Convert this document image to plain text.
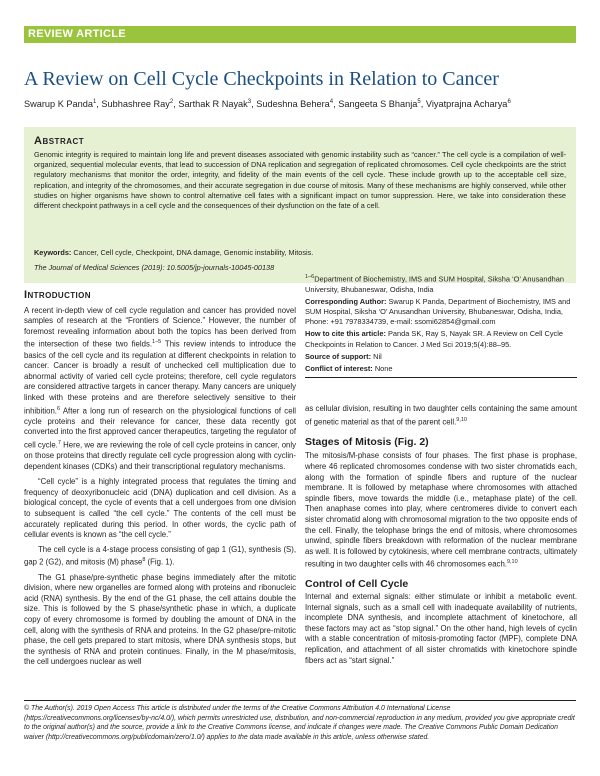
REVIEW ARTICLE
A Review on Cell Cycle Checkpoints in Relation to Cancer
Swarup K Panda$^1$, Subhashree Ray$^2$, Sarthak R Nayak$^3$, Sudeshna Behera$^4$, Sangeeta S Bhanja$^5$, Viyatprajna Acharya$^6$
Abstract
Genomic integrity is required to maintain long life and prevent diseases associated with genomic instability such as “cancer.” The cell cycle is a compilation of well-organized, sequential molecular events, that lead to succession of DNA replication and segregation of replicated chromosomes. Cell cycle checkpoints are the strict regulatory mechanisms that monitor the order, integrity, and fidelity of the main events of the cell cycle. These include growth up to the acceptable cell size, replication, and integrity of the chromosomes, and their accurate segregation in due course of mitosis. Many of these mechanisms are highly conserved, while other studies on higher organisms have shown to control alternative cell fates with a significant impact on tumor suppression. Here, we take into consideration these different checkpoint pathways in a cell cycle and the consequences of their dysfunction on the fate of a cell.
Keywords: Cancer, Cell cycle, Checkpoint, DNA damage, Genomic instability, Mitosis.
The Journal of Medical Sciences (2019): 10.5005/jp-journals-10045-00138
Introduction

A recent in-depth view of cell cycle regulation and cancer has provided novel samples of research at the “Frontiers of Science.” However, the number of foremost revealing information about both the topics has been derived from the intersection of these two fields.$^{1-5}$ This review intends to introduce the basics of the cell cycle and its regulation at different checkpoints in relation to cancer. Cancer is broadly a result of unchecked cell multiplication due to abnormal activity of varied cell cycle proteins; therefore, cell cycle regulators are considered attractive targets in cancer therapy. Many cancers are uniquely linked with these proteins and are therefore selectively sensitive to their inhibition.$^6$ After a long run of research on the physiological functions of cell cycle proteins and their relevance for cancer, these data recently got converted into the first approved cancer therapeutics, targeting the regulator of cell cycle.$^7$ Here, we are reviewing the role of cell cycle proteins in cancer, only on those proteins that directly regulate cell cycle progression along with cyclin-dependent kinases (CDKs) and their transcriptional regulatory mechanisms.

“Cell cycle” is a highly integrated process that regulates the timing and frequency of deoxyribonucleic acid (DNA) duplication and cell division. As a biological concept, the cycle of events that a cell undergoes from one division to subsequent is called “the cell cycle.” The contents of the cell must be accurately replicated during this period. In other words, the cyclic path of cellular events is known as “the cell cycle.”

The cell cycle is a 4-stage process consisting of gap 1 (G1), synthesis (S), gap 2 (G2), and mitosis (M) phase$^8$ (Fig. 1).

The G1 phase/pre-synthetic phase begins immediately after the mitotic division, where new organelles are formed along with proteins and ribonucleic acid (RNA) synthesis. By the end of the G1 phase, the cell attains double the size. This is followed by the S phase/synthetic phase in which, a duplicate copy of every chromosome is formed by doubling the amount of DNA in the cell, along with the synthesis of RNA and proteins. In the G2 phase/pre-mitotic phase, the cell gets prepared to start mitosis, where DNA synthesis stops, but the synthesis of RNA and protein continues. Finally, in the M phase/mitosis, the cell undergoes nuclear as well

$^{1-6}$Department of Biochemistry, IMS and SUM Hospital, Siksha ‘O’ Anusandhan University, Bhubaneswar, Odisha, India

Corresponding Author: Swarup K Panda, Department of Biochemistry, IMS and SUM Hospital, Siksha ‘O’ Anusandhan University, Bhubaneswar, Odisha, India, Phone: +91 7978334739, e-mail: ssomi62854@gmail.com

How to cite this article: Panda SK, Ray S, Nayak SR. A Review on Cell Cycle Checkpoints in Relation to Cancer. J Med Sci 2019;5(4):88–95.

Source of support: Nil

Conflict of interest: None

as cellular division, resulting in two daughter cells containing the same amount of genetic material as that of the parent cell.$^{9,10}$

Stages of Mitosis (Fig. 2)

The mitosis/M-phase consists of four phases. The first phase is prophase, where 46 replicated chromosomes condense with two sister chromatids each, along with the formation of spindle fibers and rupture of the nuclear membrane. It is followed by metaphase where chromosomes with attached spindle fibers, move towards the middle (i.e., metaphase plate) of the cell. Then anaphase comes into play, where centromeres divide to convert each sister chromatid along with chromosomal migration to the two opposite ends of the cell. Finally, the telophase brings the end of mitosis, where chromosomes unwind, spindle fibers breakdown with reformation of the nuclear membrane as well. It is followed by cytokinesis, where cell membrane contracts, ultimately resulting in two daughter cells with 46 chromosomes each.$^{9,10}$

Control of Cell Cycle

Internal and external signals: either stimulate or inhibit a metabolic event. Internal signals, such as a small cell with inadequate availability of nutrients, incomplete DNA synthesis, and incomplete attachment of kinetochore, all these factors may act as “stop signal.” On the other hand, high levels of cyclin with a stable concentration of mitosis-promoting factor (MPF), complete DNA replication, and attachment of all sister chromatids with kinetochore spindle fibers act as “start signal.”

© The Author(s). 2019 Open Access This article is distributed under the terms of the Creative Commons Attribution 4.0 International License (https://creativecommons.org/licenses/by-nc/4.0/), which permits unrestricted use, distribution, and non-commercial reproduction in any medium, provided you give appropriate credit to the original author(s) and the source, provide a link to the Creative Commons license, and indicate if changes were made. The Creative Commons Public Domain Dedication waiver (http://creativecommons.org/publicdomain/zero/1.0/) applies to the data made available in this article, unless otherwise stated.
